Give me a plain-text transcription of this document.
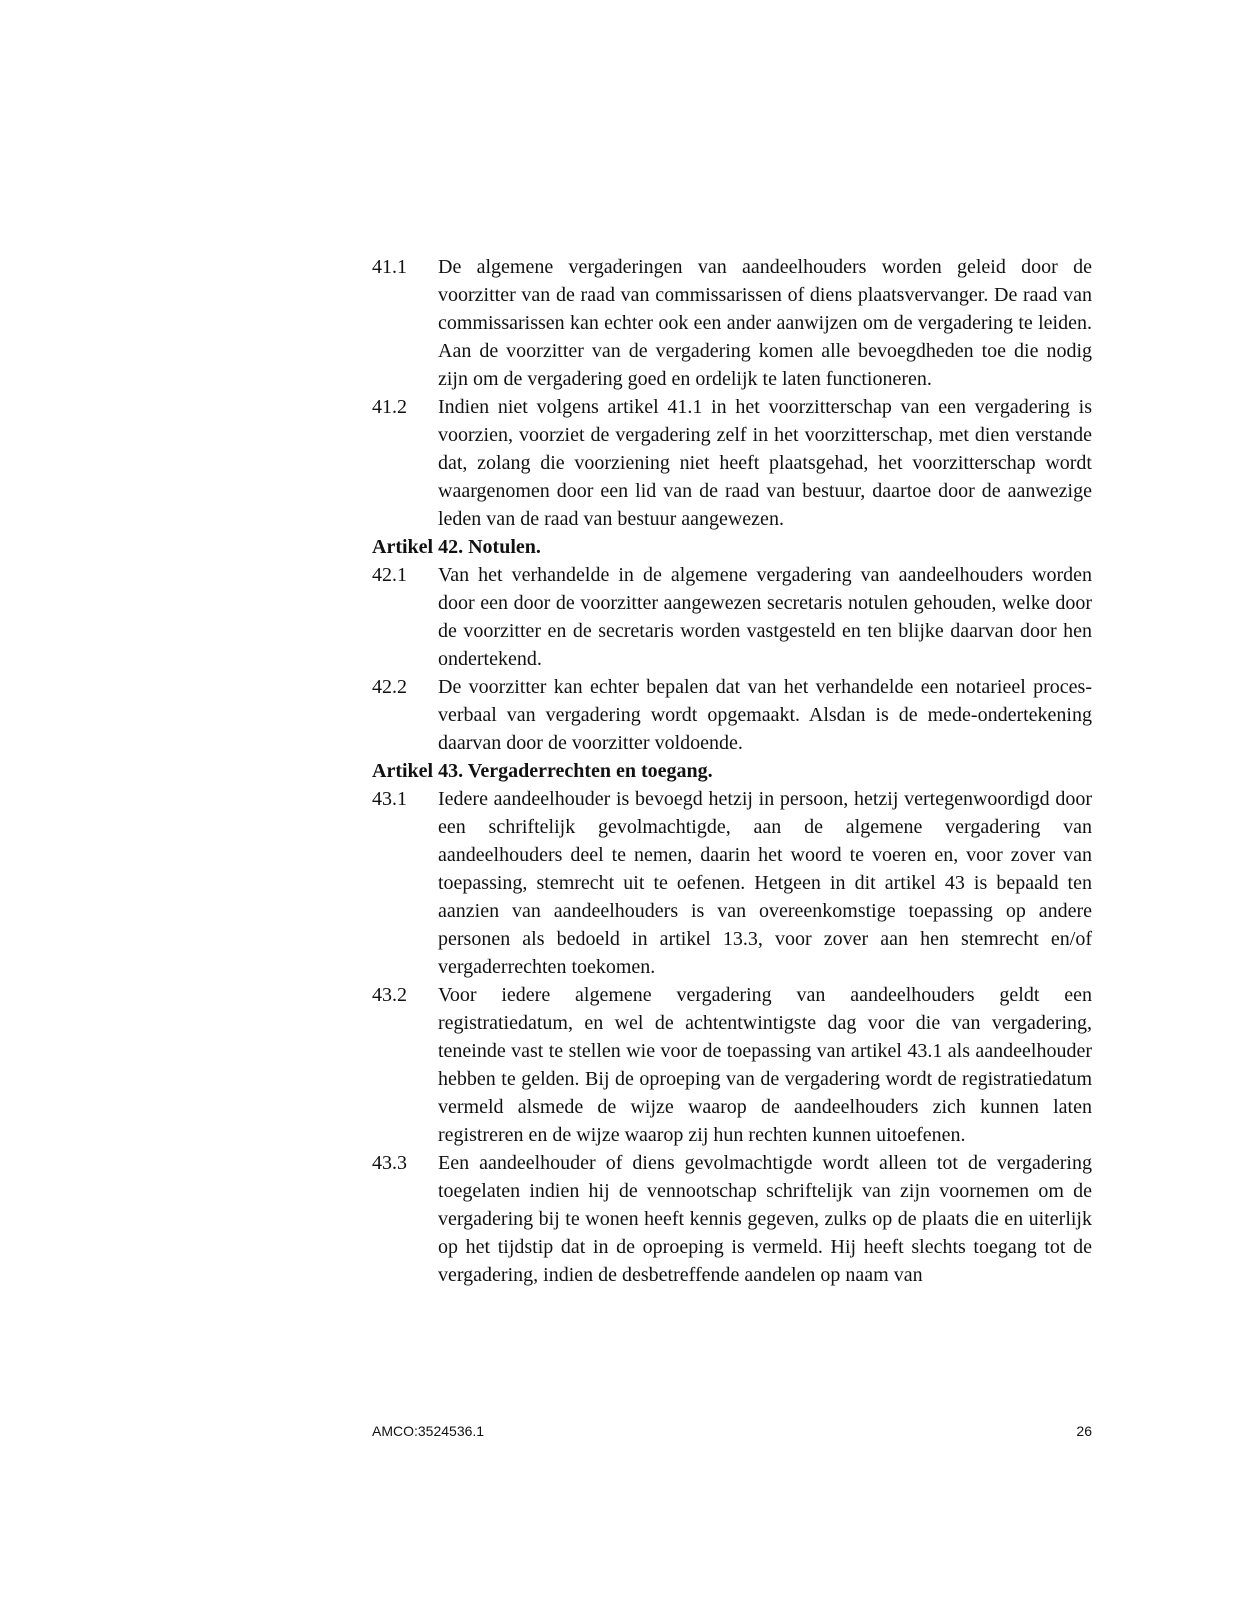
41.1	De algemene vergaderingen van aandeelhouders worden geleid door de voorzitter van de raad van commissarissen of diens plaatsvervanger. De raad van commissarissen kan echter ook een ander aanwijzen om de vergadering te leiden. Aan de voorzitter van de vergadering komen alle bevoegdheden toe die nodig zijn om de vergadering goed en ordelijk te laten functioneren.
41.2	Indien niet volgens artikel 41.1 in het voorzitterschap van een vergadering is voorzien, voorziet de vergadering zelf in het voorzitterschap, met dien verstande dat, zolang die voorziening niet heeft plaatsgehad, het voorzitterschap wordt waargenomen door een lid van de raad van bestuur, daartoe door de aanwezige leden van de raad van bestuur aangewezen.
Artikel 42. Notulen.
42.1	Van het verhandelde in de algemene vergadering van aandeelhouders worden door een door de voorzitter aangewezen secretaris notulen gehouden, welke door de voorzitter en de secretaris worden vastgesteld en ten blijke daarvan door hen ondertekend.
42.2	De voorzitter kan echter bepalen dat van het verhandelde een notarieel proces-verbaal van vergadering wordt opgemaakt. Alsdan is de mede-ondertekening daarvan door de voorzitter voldoende.
Artikel 43. Vergaderrechten en toegang.
43.1	Iedere aandeelhouder is bevoegd hetzij in persoon, hetzij vertegenwoordigd door een schriftelijk gevolmachtigde, aan de algemene vergadering van aandeelhouders deel te nemen, daarin het woord te voeren en, voor zover van toepassing, stemrecht uit te oefenen. Hetgeen in dit artikel 43 is bepaald ten aanzien van aandeelhouders is van overeenkomstige toepassing op andere personen als bedoeld in artikel 13.3, voor zover aan hen stemrecht en/of vergaderrechten toekomen.
43.2	Voor iedere algemene vergadering van aandeelhouders geldt een registratiedatum, en wel de achtentwintigste dag voor die van vergadering, teneinde vast te stellen wie voor de toepassing van artikel 43.1 als aandeelhouder hebben te gelden. Bij de oproeping van de vergadering wordt de registratiedatum vermeld alsmede de wijze waarop de aandeelhouders zich kunnen laten registreren en de wijze waarop zij hun rechten kunnen uitoefenen.
43.3	Een aandeelhouder of diens gevolmachtigde wordt alleen tot de vergadering toegelaten indien hij de vennootschap schriftelijk van zijn voornemen om de vergadering bij te wonen heeft kennis gegeven, zulks op de plaats die en uiterlijk op het tijdstip dat in de oproeping is vermeld. Hij heeft slechts toegang tot de vergadering, indien de desbetreffende aandelen op naam van
AMCO:3524536.1	26
